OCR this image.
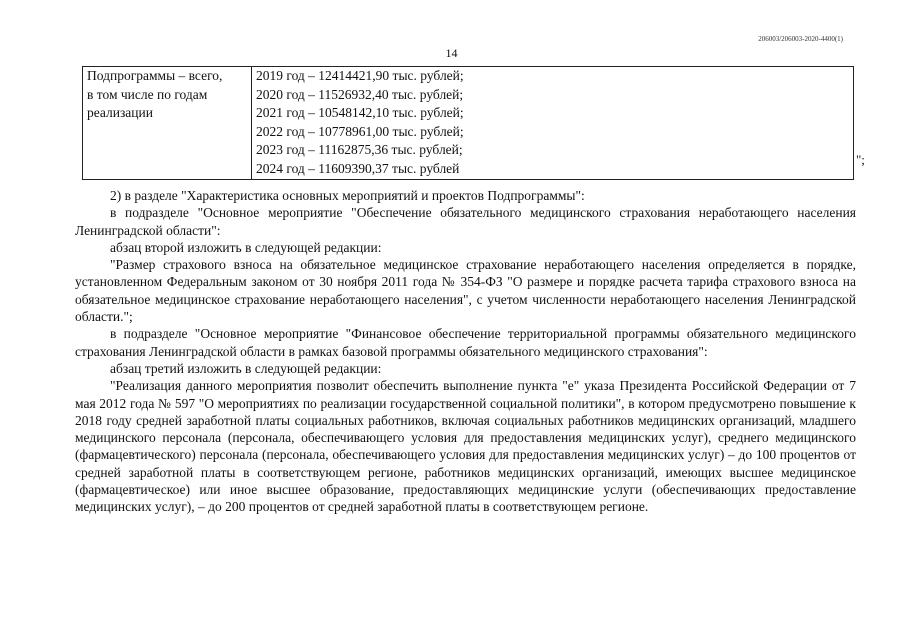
206003/206003-2020-4400(1)
14
Подпрограммы – всего,
в том числе по годам
реализации

2019 год – 12414421,90 тыс. рублей;
2020 год – 11526932,40 тыс. рублей;
2021 год – 10548142,10 тыс. рублей;
2022 год – 10778961,00 тыс. рублей;
2023 год – 11162875,36 тыс. рублей;
2024 год – 11609390,37 тыс. рублей
";

2) в разделе "Характеристика основных мероприятий и проектов Подпрограммы":

в подразделе "Основное мероприятие "Обеспечение обязательного медицинского страхования неработающего населения Ленинградской области":

абзац второй изложить в следующей редакции:

"Размер страхового взноса на обязательное медицинское страхование неработающего населения определяется в порядке, установленном Федеральным законом от 30 ноября 2011 года № 354-ФЗ "О размере и порядке расчета тарифа страхового взноса на обязательное медицинское страхование неработающего населения", с учетом численности неработающего населения Ленинградской области.";

в подразделе "Основное мероприятие "Финансовое обеспечение территориальной программы обязательного медицинского страхования Ленинградской области в рамках базовой программы обязательного медицинского страхования":

абзац третий изложить в следующей редакции:

"Реализация данного мероприятия позволит обеспечить выполнение пункта "е" указа Президента Российской Федерации от 7 мая 2012 года № 597 "О мероприятиях по реализации государственной социальной политики", в котором предусмотрено повышение к 2018 году средней заработной платы социальных работников, включая социальных работников медицинских организаций, младшего медицинского персонала (персонала, обеспечивающего условия для предоставления медицинских услуг), среднего медицинского (фармацевтического) персонала (персонала, обеспечивающего условия для предоставления медицинских услуг) – до 100 процентов от средней заработной платы в соответствующем регионе, работников медицинских организаций, имеющих высшее медицинское (фармацевтическое) или иное высшее образование, предоставляющих медицинские услуги (обеспечивающих предоставление медицинских услуг), – до 200 процентов от средней заработной платы в соответствующем регионе.
